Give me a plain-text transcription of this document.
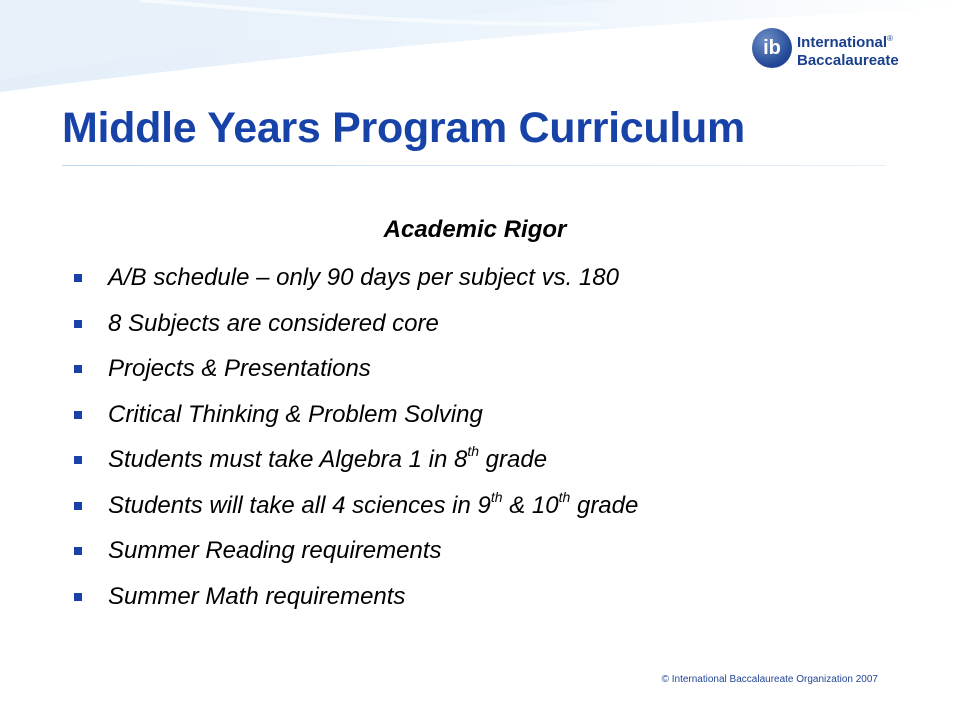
ib	International®
Baccalaureate
Middle Years Program Curriculum
Academic Rigor
A/B schedule – only 90 days per subject vs. 180
8 Subjects are considered core
Projects & Presentations
Critical Thinking & Problem Solving
Students must take Algebra 1 in 8th grade
Students will take all 4 sciences in 9th & 10th grade
Summer Reading requirements
Summer Math requirements
© International Baccalaureate Organization 2007
